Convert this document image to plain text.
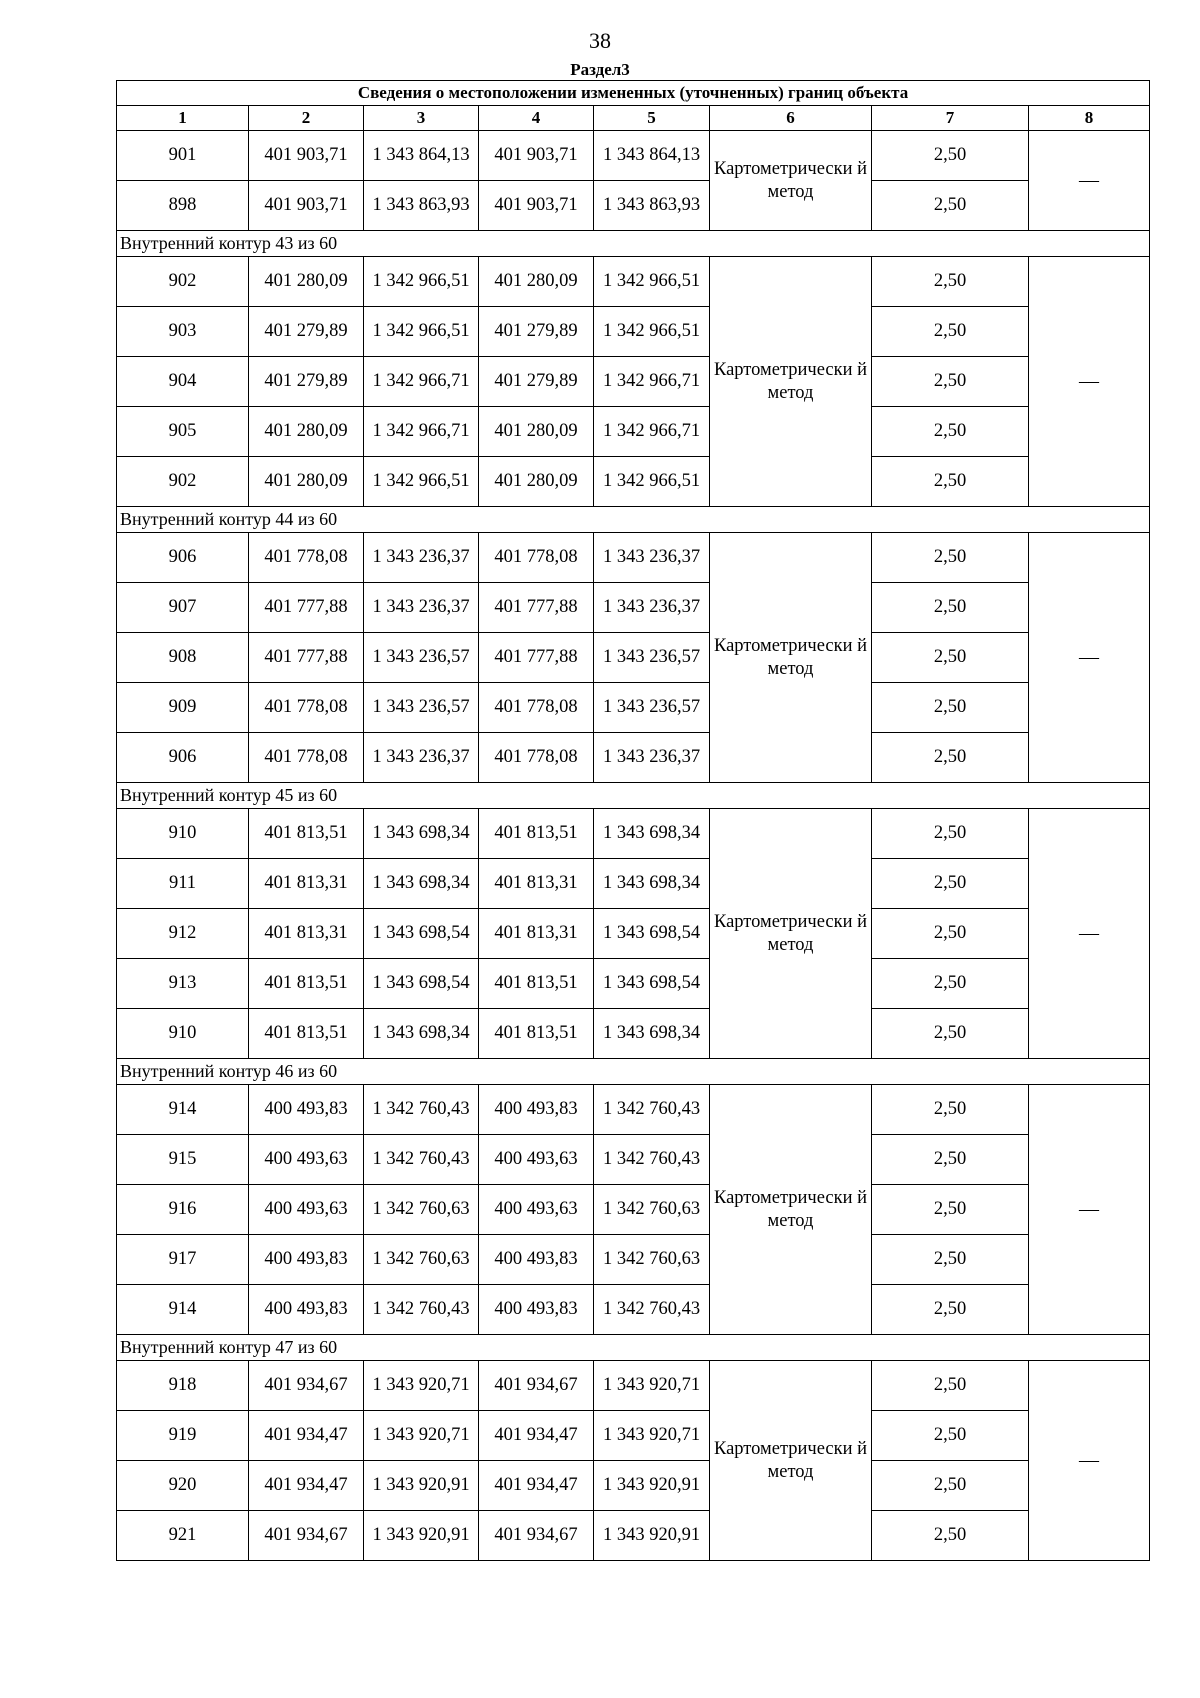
38
Раздел3
Сведения о местоположении измененных (уточненных) границ объекта							
1	2	3	4	5	6	7	8
901	401 903,71	1 343 864,13	401 903,71	1 343 864,13	Картометрически й метод	2,50	—
898	401 903,71	1 343 863,93	401 903,71	1 343 863,93		2,50	
Внутренний контур 43 из 60							
902	401 280,09	1 342 966,51	401 280,09	1 342 966,51	Картометрически й метод	2,50	—
903	401 279,89	1 342 966,51	401 279,89	1 342 966,51		2,50	
904	401 279,89	1 342 966,71	401 279,89	1 342 966,71		2,50	
905	401 280,09	1 342 966,71	401 280,09	1 342 966,71		2,50	
902	401 280,09	1 342 966,51	401 280,09	1 342 966,51		2,50	
Внутренний контур 44 из 60							
906	401 778,08	1 343 236,37	401 778,08	1 343 236,37	Картометрически й метод	2,50	—
907	401 777,88	1 343 236,37	401 777,88	1 343 236,37		2,50	
908	401 777,88	1 343 236,57	401 777,88	1 343 236,57		2,50	
909	401 778,08	1 343 236,57	401 778,08	1 343 236,57		2,50	
906	401 778,08	1 343 236,37	401 778,08	1 343 236,37		2,50	
Внутренний контур 45 из 60							
910	401 813,51	1 343 698,34	401 813,51	1 343 698,34	Картометрически й метод	2,50	—
911	401 813,31	1 343 698,34	401 813,31	1 343 698,34		2,50	
912	401 813,31	1 343 698,54	401 813,31	1 343 698,54		2,50	
913	401 813,51	1 343 698,54	401 813,51	1 343 698,54		2,50	
910	401 813,51	1 343 698,34	401 813,51	1 343 698,34		2,50	
Внутренний контур 46 из 60							
914	400 493,83	1 342 760,43	400 493,83	1 342 760,43	Картометрически й метод	2,50	—
915	400 493,63	1 342 760,43	400 493,63	1 342 760,43		2,50	
916	400 493,63	1 342 760,63	400 493,63	1 342 760,63		2,50	
917	400 493,83	1 342 760,63	400 493,83	1 342 760,63		2,50	
914	400 493,83	1 342 760,43	400 493,83	1 342 760,43		2,50	
Внутренний контур 47 из 60							
918	401 934,67	1 343 920,71	401 934,67	1 343 920,71	Картометрически й метод	2,50	—
919	401 934,47	1 343 920,71	401 934,47	1 343 920,71		2,50	
920	401 934,47	1 343 920,91	401 934,47	1 343 920,91		2,50	
921	401 934,67	1 343 920,91	401 934,67	1 343 920,91		2,50	
